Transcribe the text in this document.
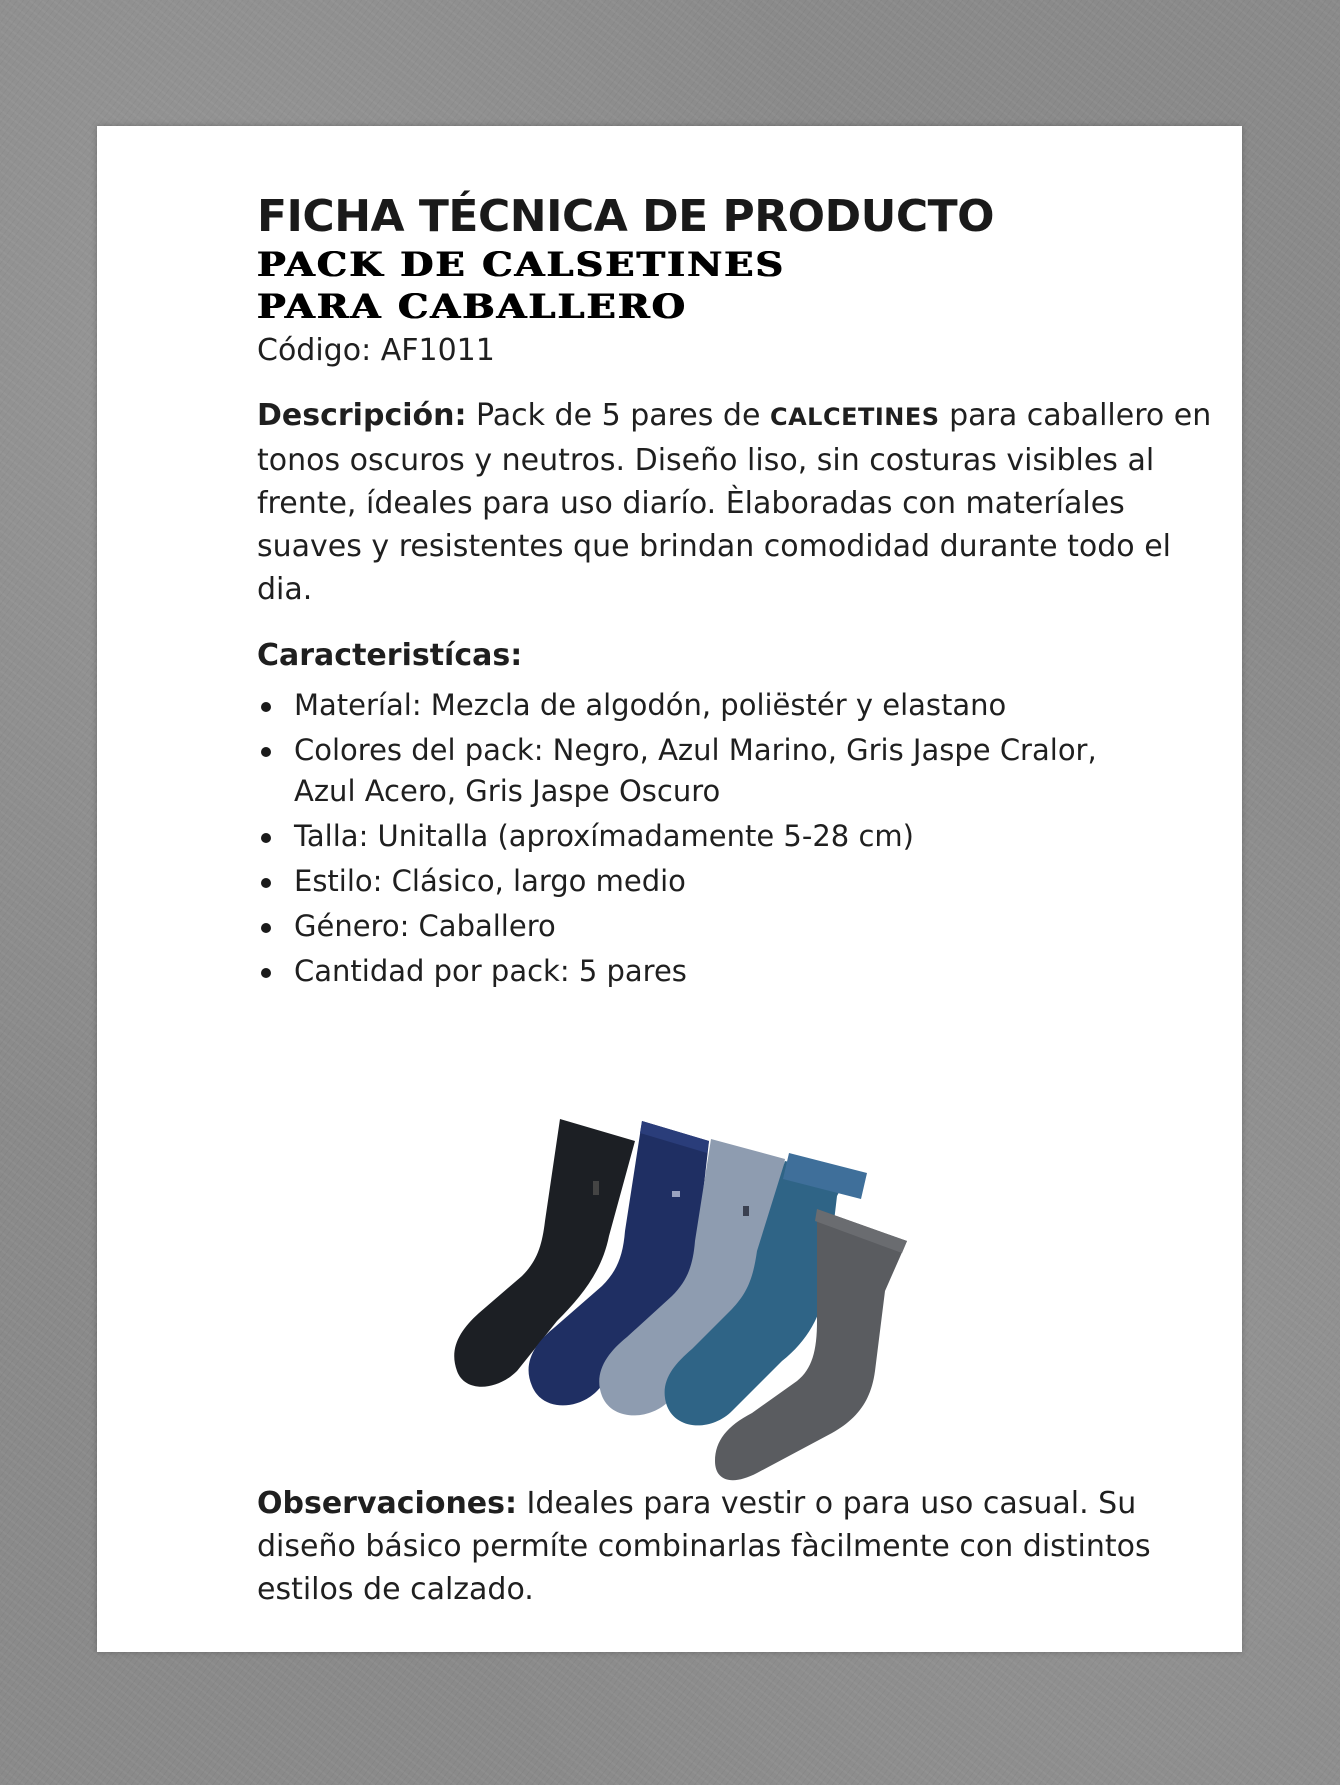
FICHA TÉCNICA DE PRODUCTO
PACK DE CALSETINES
PARA CABALLERO
Código: AF1011
Descripción: Pack de 5 pares de CALCETINES para caballero en tonos oscuros y neutros. Diseño liso, sin costuras visibles al frente, ídeales para uso diarío. Èlaboradas con materíales suaves y resistentes que brindan comodidad durante todo el dia.
Caracteristícas:
Materíal: Mezcla de algodón, poliëstér y elastano
Colores del pack: Negro, Azul Marino, Gris Jaspe Cralor, Azul Acero, Gris Jaspe Oscuro
Talla: Unitalla (aproxímadamente 5-28 cm)
Estilo: Clásico, largo medio
Género: Caballero
Cantidad por pack: 5 pares
Observaciones: Ideales para vestir o para uso casual. Su diseño básico permíte combinarlas fàcilmente con distintos estilos de calzado.
